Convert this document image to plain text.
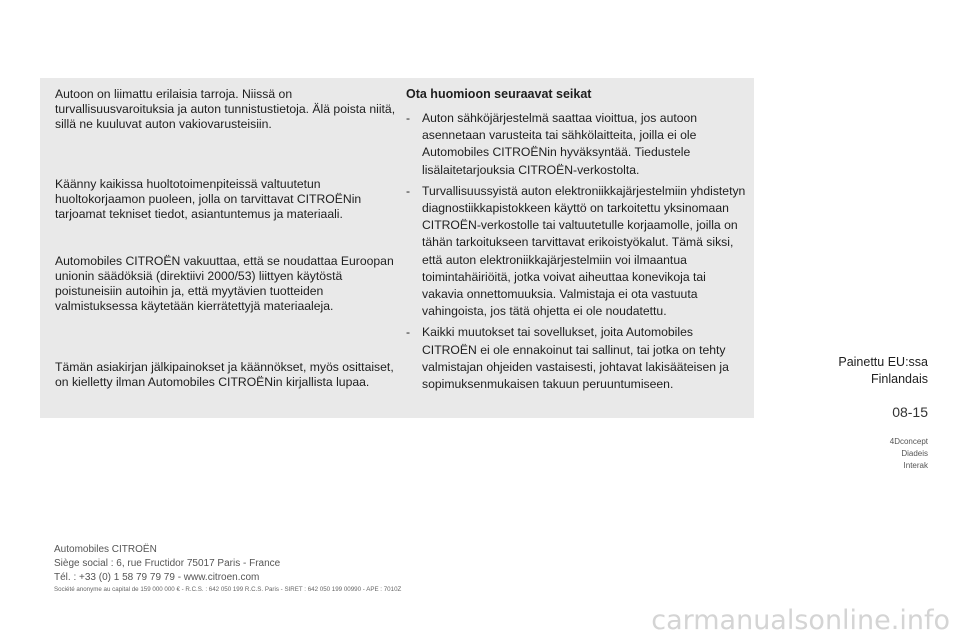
Autoon on liimattu erilaisia tarroja. Niissä on turvallisuusvaroituksia ja auton tunnistustietoja. Älä poista niitä, sillä ne kuuluvat auton vakiovarusteisiin.

Käänny kaikissa huoltotoimenpiteissä valtuutetun huoltokorjaamon puoleen, jolla on tarvittavat CITROËNin tarjoamat tekniset tiedot, asiantuntemus ja materiaali.

Automobiles CITROËN vakuuttaa, että se noudattaa Euroopan unionin säädöksiä (direktiivi 2000/53) liittyen käytöstä poistuneisiin autoihin ja, että myytävien tuotteiden valmistuksessa käytetään kierrätettyjä materiaaleja.

Tämän asiakirjan jälkipainokset ja käännökset, myös osittaiset, on kielletty ilman Automobiles CITROËNin kirjallista lupaa.

Ota huomioon seuraavat seikat

- Auton sähköjärjestelmä saattaa vioittua, jos autoon asennetaan varusteita tai sähkölaitteita, joilla ei ole Automobiles CITROËNin hyväksyntää. Tiedustele lisälaitetarjouksia CITROËN-verkostolta.
- Turvallisuussyistä auton elektroniikkajärjestelmiin yhdistetyn diagnostiikkapistokkeen käyttö on tarkoitettu yksinomaan CITROËN-verkostolle tai valtuutetulle korjaamolle, joilla on tähän tarkoitukseen tarvittavat erikoistyökalut. Tämä siksi, että auton elektroniikkajärjestelmiin voi ilmaantua toimintahäiriöitä, jotka voivat aiheuttaa konevikoja tai vakavia onnettomuuksia. Valmistaja ei ota vastuuta vahingoista, jos tätä ohjetta ei ole noudatettu.
- Kaikki muutokset tai sovellukset, joita Automobiles CITROËN ei ole ennakoinut tai sallinut, tai jotka on tehty valmistajan ohjeiden vastaisesti, johtavat lakisääteisen ja sopimuksenmukaisen takuun peruuntumiseen.
Painettu EU:ssa
Finlandais
08-15
4Dconcept
Diadeis
Interak
Automobiles CITROËN
Siège social : 6, rue Fructidor 75017 Paris - France
Tél. : +33 (0) 1 58 79 79 79 - www.citroen.com
Société anonyme au capital de 159 000 000 € - R.C.S. : 642 050 199 R.C.S. Paris - SIRET : 642 050 199 00990 - APE : 7010Z
carmanualsonline.info
